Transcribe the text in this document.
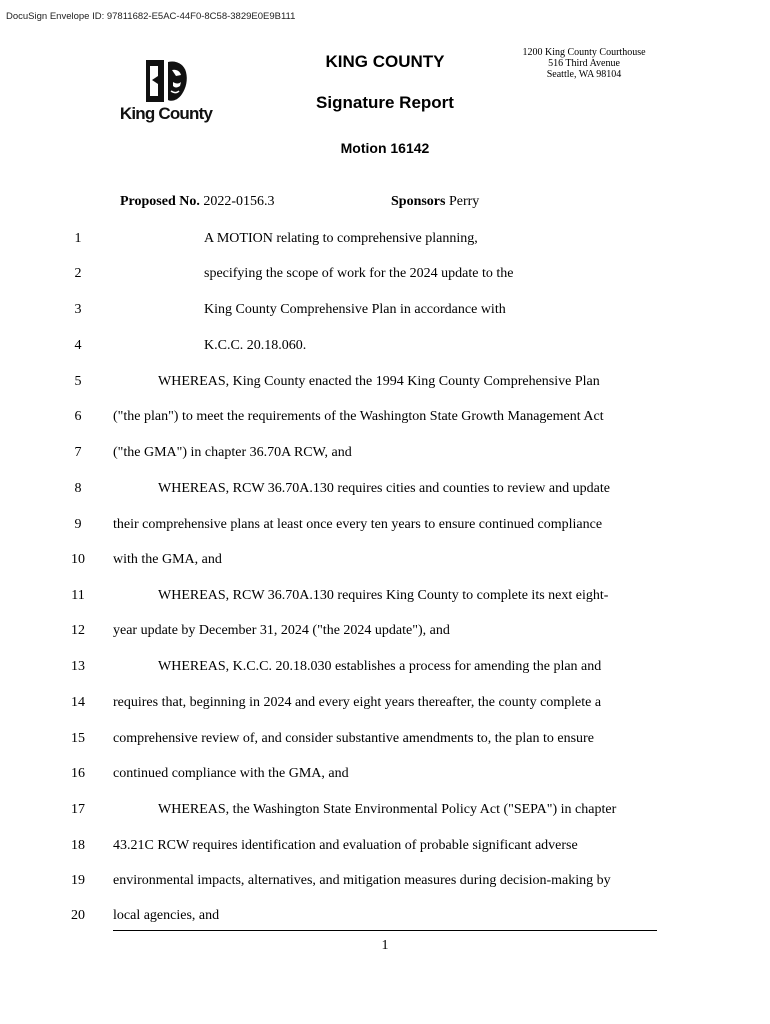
DocuSign Envelope ID: 97811682-E5AC-44F0-8C58-3829E0E9B111
King County
KING COUNTY	1200 King County Courthouse
516 Third Avenue
Seattle, WA 98104
Signature Report
Motion 16142
Proposed No. 2022-0156.3	Sponsors Perry
1	A MOTION relating to comprehensive planning,
2	specifying the scope of work for the 2024 update to the
3	King County Comprehensive Plan in accordance with
4	K.C.C. 20.18.060.
5	WHEREAS, King County enacted the 1994 King County Comprehensive Plan
6	("the plan") to meet the requirements of the Washington State Growth Management Act
7	("the GMA") in chapter 36.70A RCW, and
8	WHEREAS, RCW 36.70A.130 requires cities and counties to review and update
9	their comprehensive plans at least once every ten years to ensure continued compliance
10	with the GMA, and
11	WHEREAS, RCW 36.70A.130 requires King County to complete its next eight-
12	year update by December 31, 2024 ("the 2024 update"), and
13	WHEREAS, K.C.C. 20.18.030 establishes a process for amending the plan and
14	requires that, beginning in 2024 and every eight years thereafter, the county complete a
15	comprehensive review of, and consider substantive amendments to, the plan to ensure
16	continued compliance with the GMA, and
17	WHEREAS, the Washington State Environmental Policy Act ("SEPA") in chapter
18	43.21C RCW requires identification and evaluation of probable significant adverse
19	environmental impacts, alternatives, and mitigation measures during decision-making by
20	local agencies, and
1
